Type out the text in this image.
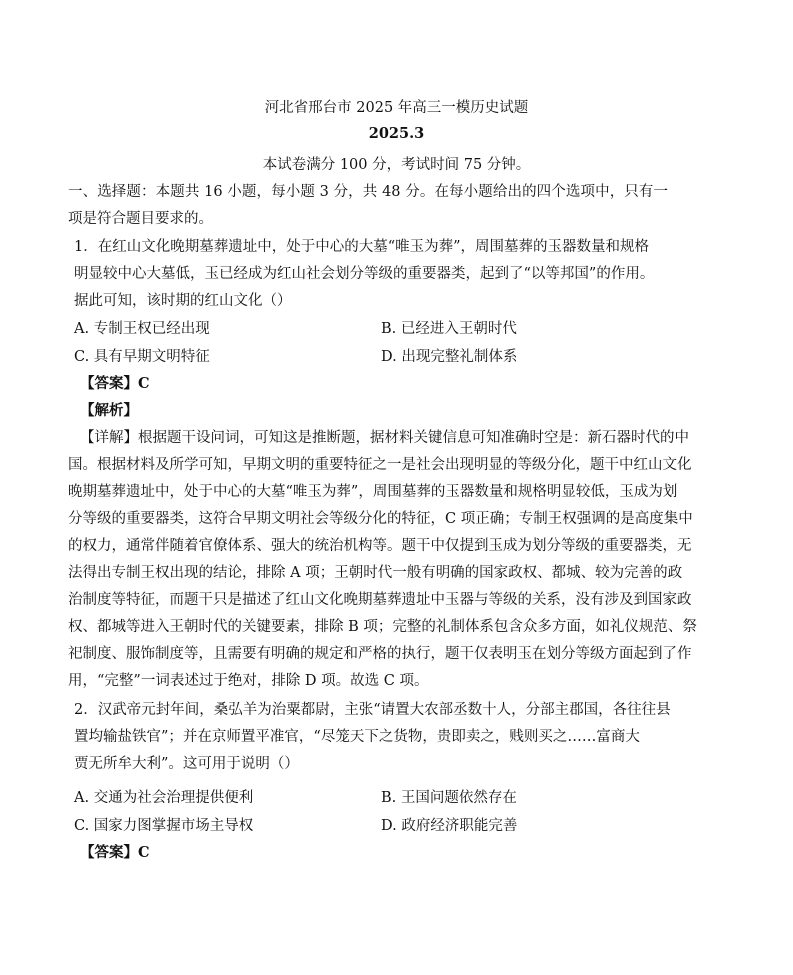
河北省邢台市 2025 年高三一模历史试题
2025.3
本试卷满分 100 分，考试时间 75 分钟。
一、选择题：本题共 16 小题，每小题 3 分，共 48 分。在每小题给出的四个选项中，只有一
项是符合题目要求的。
1．在红山文化晚期墓葬遗址中，处于中心的大墓“唯玉为葬”，周围墓葬的玉器数量和规格
明显较中心大墓低，玉已经成为红山社会划分等级的重要器类，起到了“以等邦国”的作用。
据此可知，该时期的红山文化（）
A. 专制王权已经出现	B. 已经进入王朝时代
C. 具有早期文明特征	D. 出现完整礼制体系
【答案】C
【解析】
【详解】根据题干设问词，可知这是推断题，据材料关键信息可知准确时空是：新石器时代的中
国。根据材料及所学可知，早期文明的重要特征之一是社会出现明显的等级分化，题干中红山文化
晚期墓葬遗址中，处于中心的大墓“唯玉为葬”，周围墓葬的玉器数量和规格明显较低，玉成为划
分等级的重要器类，这符合早期文明社会等级分化的特征，C 项正确；专制王权强调的是高度集中
的权力，通常伴随着官僚体系、强大的统治机构等。题干中仅提到玉成为划分等级的重要器类，无
法得出专制王权出现的结论，排除 A 项；王朝时代一般有明确的国家政权、都城、较为完善的政
治制度等特征，而题干只是描述了红山文化晚期墓葬遗址中玉器与等级的关系，没有涉及到国家政
权、都城等进入王朝时代的关键要素，排除 B 项；完整的礼制体系包含众多方面，如礼仪规范、祭
祀制度、服饰制度等，且需要有明确的规定和严格的执行，题干仅表明玉在划分等级方面起到了作
用，“完整”一词表述过于绝对，排除 D 项。故选 C 项。
2．汉武帝元封年间，桑弘羊为治粟都尉，主张“请置大农部丞数十人，分部主郡国，各往往县
置均输盐铁官”；并在京师置平准官，“尽笼天下之货物，贵即卖之，贱则买之……富商大
贾无所牟大利”。这可用于说明（）
A. 交通为社会治理提供便利	B. 王国问题依然存在
C. 国家力图掌握市场主导权	D. 政府经济职能完善
【答案】C
